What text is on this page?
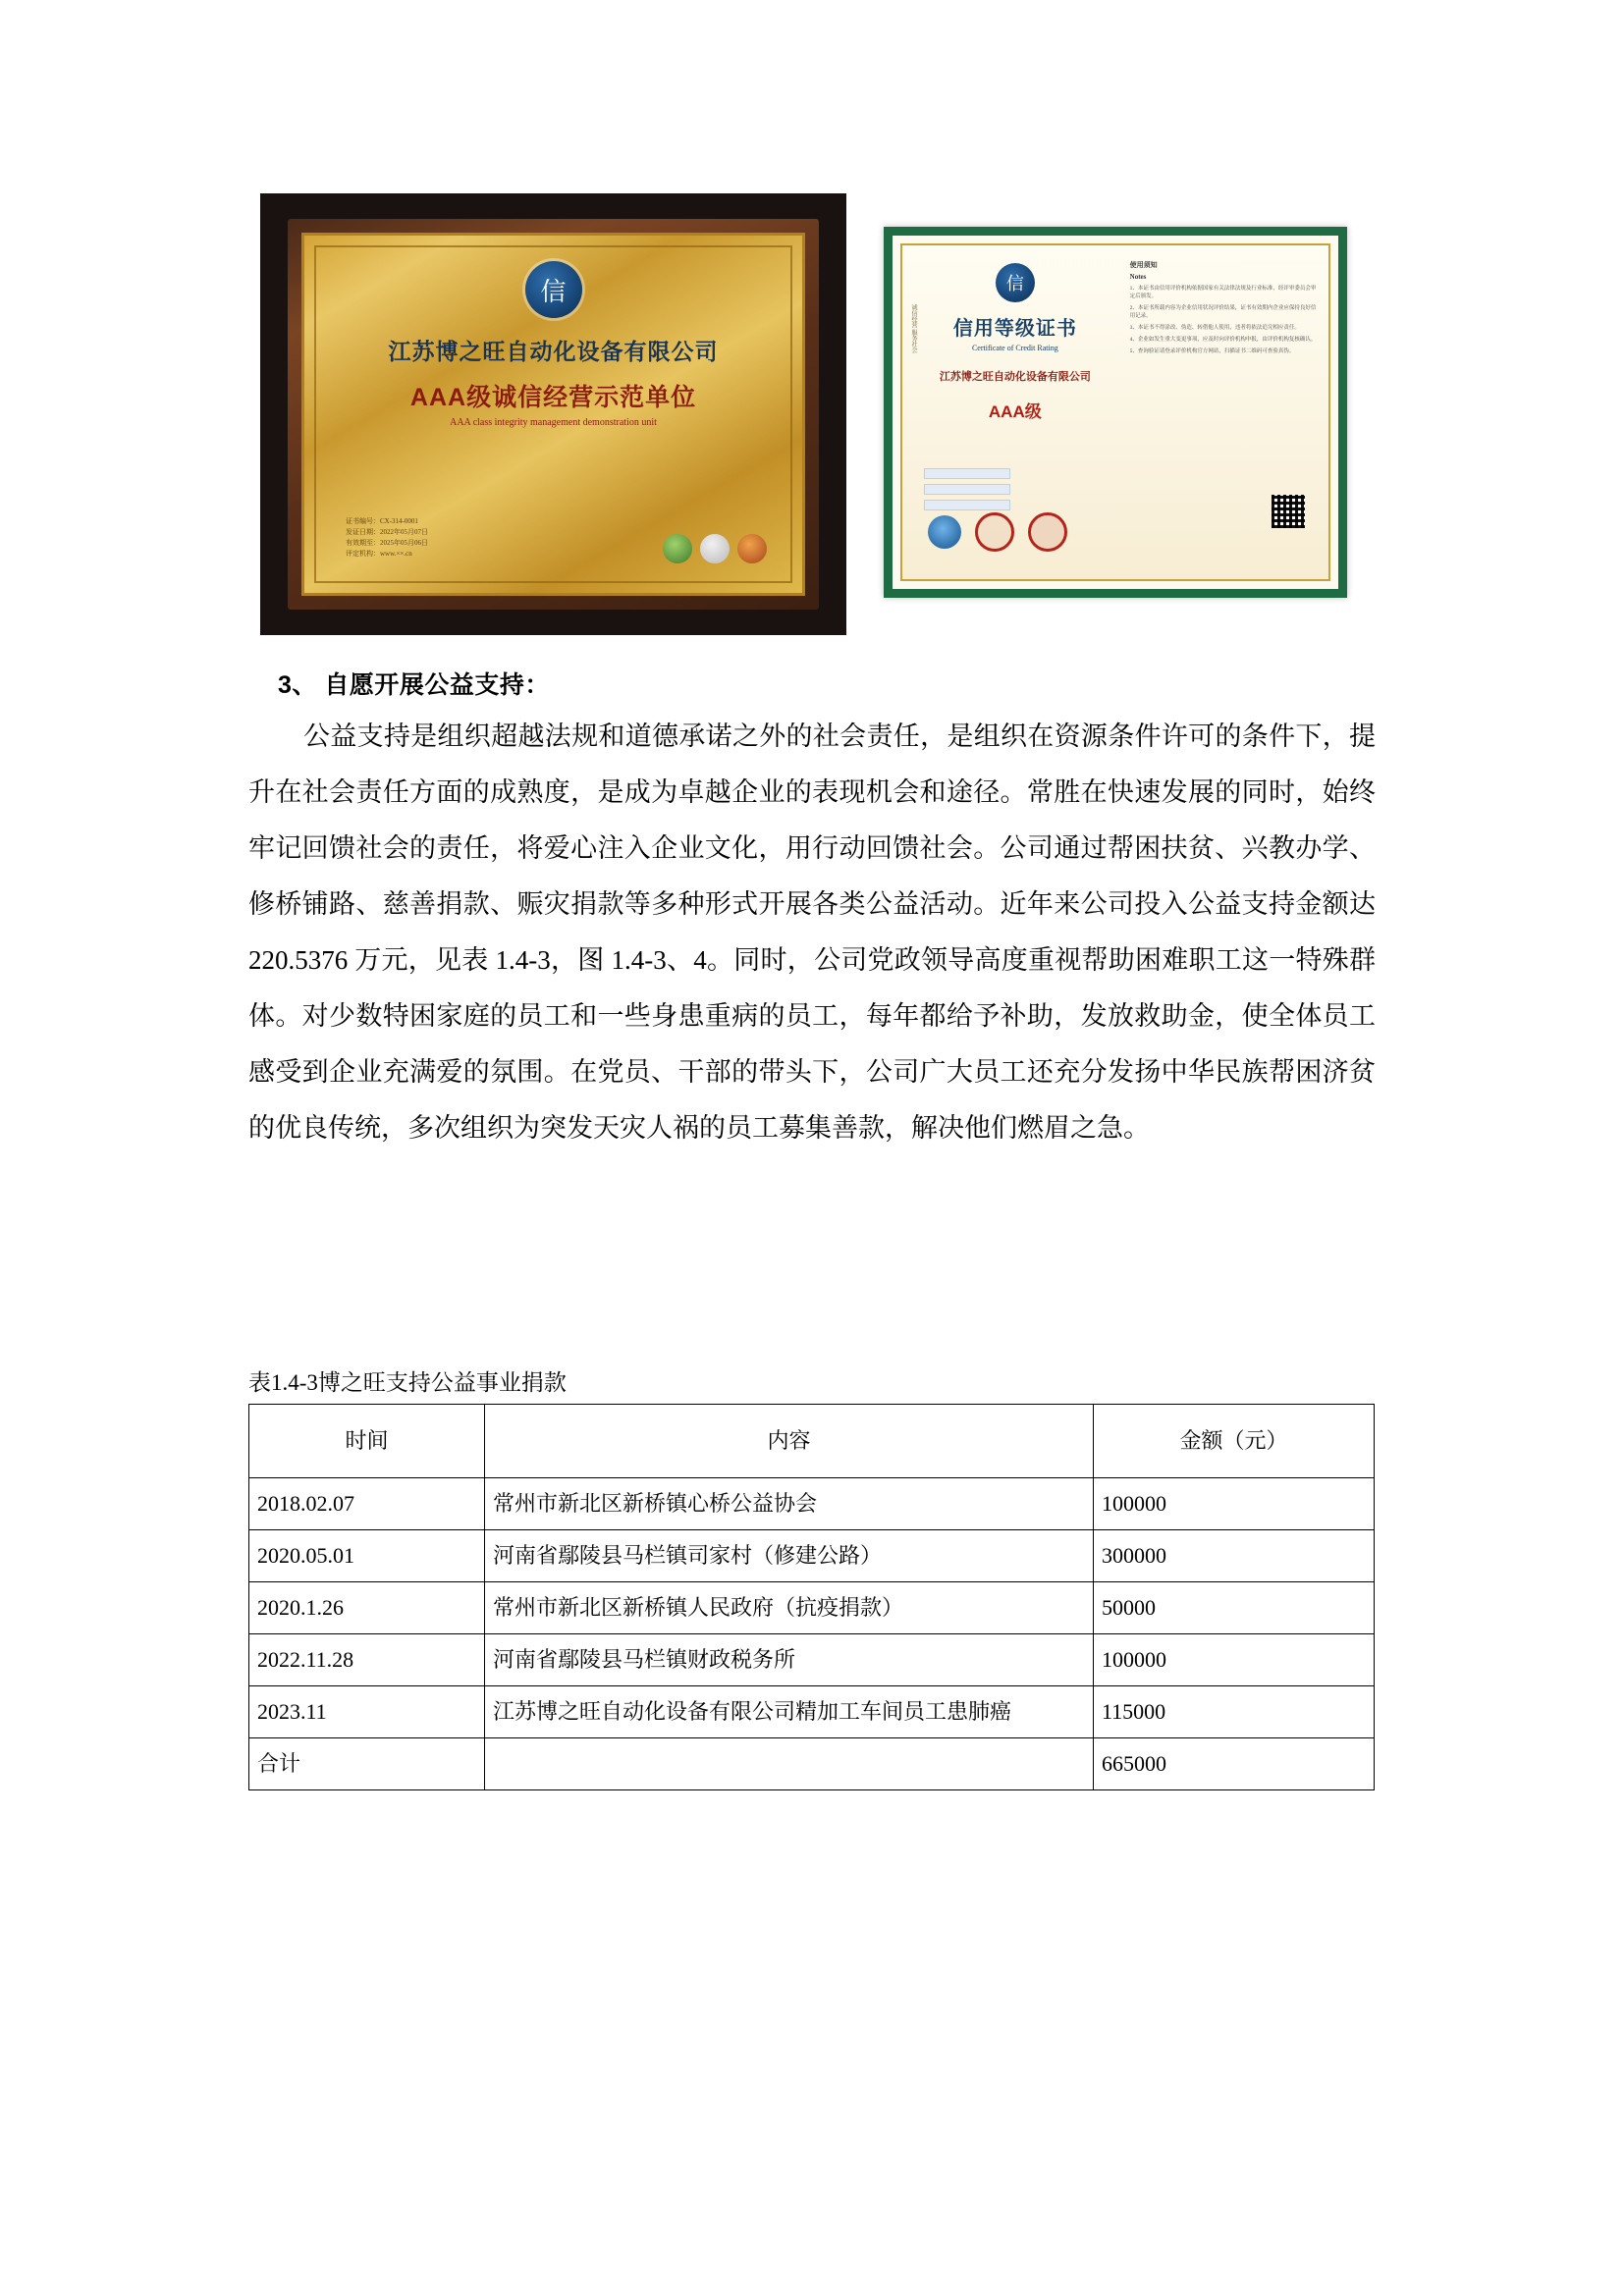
信
江苏博之旺自动化设备有限公司
AAA级诚信经营示范单位
AAA class integrity management demonstration unit
证书编号：CX-314-0001
发证日期：2022年05月07日
有效期至：2025年05月06日
评定机构：www.××.cn
信
信用等级证书
Certificate of Credit Rating
江苏博之旺自动化设备有限公司
AAA级
诚信经营 服务社会
使用须知
Notes

1、本证书由信用评价机构依据国家有关法律法规及行业标准，经评审委员会审定后颁发。

2、本证书所载内容为企业信用状况评价结果，证书有效期内企业应保持良好信用记录。

3、本证书不得涂改、伪造、转借他人使用，违者将依法追究相应责任。

4、企业如发生重大变更事项，应及时向评价机构申报，由评价机构复核确认。

5、查询验证请登录评价机构官方网站，扫描证书二维码可查验真伪。

3、 自愿开展公益支持：
公益支持是组织超越法规和道德承诺之外的社会责任，是组织在资源条件许可的条件下，提升在社会责任方面的成熟度，是成为卓越企业的表现机会和途径。常胜在快速发展的同时，始终牢记回馈社会的责任，将爱心注入企业文化，用行动回馈社会。公司通过帮困扶贫、兴教办学、修桥铺路、慈善捐款、赈灾捐款等多种形式开展各类公益活动。近年来公司投入公益支持金额达 220.5376 万元，见表 1.4-3，图 1.4-3、4。同时，公司党政领导高度重视帮助困难职工这一特殊群体。对少数特困家庭的员工和一些身患重病的员工，每年都给予补助，发放救助金，使全体员工感受到企业充满爱的氛围。在党员、干部的带头下，公司广大员工还充分发扬中华民族帮困济贫的优良传统，多次组织为突发天灾人祸的员工募集善款，解决他们燃眉之急。
表1.4-3博之旺支持公益事业捐款
时间	内容	金额（元）
2018.02.07	常州市新北区新桥镇心桥公益协会	100000
2020.05.01	河南省鄢陵县马栏镇司家村（修建公路）	300000
2020.1.26	常州市新北区新桥镇人民政府（抗疫捐款）	50000
2022.11.28	河南省鄢陵县马栏镇财政税务所	100000
2023.11	江苏博之旺自动化设备有限公司精加工车间员工患肺癌	115000
合计		665000
